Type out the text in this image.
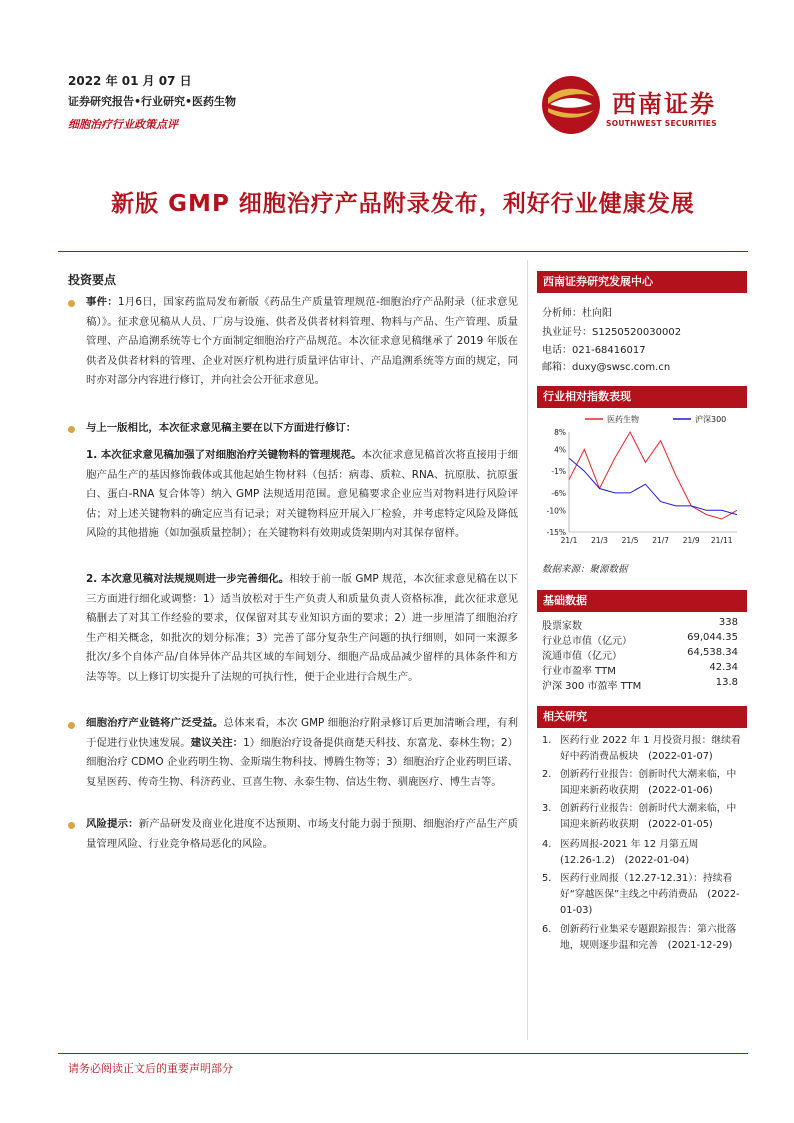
2022 年 01 月 07 日
证券研究报告•行业研究•医药生物
细胞治疗行业政策点评
西南证券
SOUTHWEST SECURITIES
新版 GMP 细胞治疗产品附录发布，利好行业健康发展
投资要点
事件：1月6日，国家药监局发布新版《药品生产质量管理规范-细胞治疗产品附录（征求意见稿）》。征求意见稿从人员、厂房与设施、供者及供者材料管理、物料与产品、生产管理、质量管理、产品追溯系统等七个方面制定细胞治疗产品规范。本次征求意见稿继承了 2019 年版在供者及供者材料的管理、企业对医疗机构进行质量评估审计、产品追溯系统等方面的规定，同时亦对部分内容进行修订，并向社会公开征求意见。
与上一版相比，本次征求意见稿主要在以下方面进行修订：
1. 本次征求意见稿加强了对细胞治疗关键物料的管理规范。本次征求意见稿首次将直接用于细胞产品生产的基因修饰载体或其他起始生物材料（包括：病毒、质粒、RNA、抗原肽、抗原蛋白、蛋白-RNA 复合体等）纳入 GMP 法规适用范围。意见稿要求企业应当对物料进行风险评估；对上述关键物料的确定应当有记录；对关键物料应开展入厂检验，并考虑特定风险及降低风险的其他措施（如加强质量控制）；在关键物料有效期或货架期内对其保存留样。
2. 本次意见稿对法规规则进一步完善细化。相较于前一版 GMP 规范，本次征求意见稿在以下三方面进行细化或调整：1）适当放松对于生产负责人和质量负责人资格标准，此次征求意见稿删去了对其工作经验的要求，仅保留对其专业知识方面的要求；2）进一步厘清了细胞治疗生产相关概念，如批次的划分标准；3）完善了部分复杂生产问题的执行细则，如同一来源多批次/多个自体产品/自体异体产品共区域的车间划分、细胞产品成品减少留样的具体条件和方法等等。以上修订切实提升了法规的可执行性，便于企业进行合规生产。
细胞治疗产业链将广泛受益。总体来看，本次 GMP 细胞治疗附录修订后更加清晰合理，有利于促进行业快速发展。建议关注：1）细胞治疗设备提供商楚天科技、东富龙、泰林生物；2）细胞治疗 CDMO 企业药明生物、金斯瑞生物科技、博腾生物等；3）细胞治疗企业药明巨诺、复星医药、传奇生物、科济药业、亘喜生物、永泰生物、信达生物、驯鹿医疗、博生吉等。
风险提示：新产品研发及商业化进度不达预期、市场支付能力弱于预期、细胞治疗产品生产质量管理风险、行业竞争格局恶化的风险。
西南证券研究发展中心
分析师：杜向阳
执业证号：S1250520030002
电话：021-68416017
邮箱：duxy@swsc.com.cn
行业相对指数表现
医药生物	沪深300
8%
4%
-1%
-6%
-10%
-15%
21/1 21/3 21/5 21/7 21/9 21/11
数据来源：聚源数据
基础数据
股票家数	338
行业总市值（亿元）	69,044.35
流通市值（亿元）	64,538.34
行业市盈率 TTM	42.34
沪深 300 市盈率 TTM	13.8
相关研究
1. 医药行业 2022 年 1 月投资月报：继续看好中药消费品板块　(2022-01-07)
2. 创新药行业报告：创新时代大潮来临，中国迎来新药收获期　(2022-01-06)
3. 创新药行业报告：创新时代大潮来临，中国迎来新药收获期　(2022-01-05)
4. 医药周报-2021 年 12 月第五周　(12.26-1.2)　(2022-01-04)
5. 医药行业周报（12.27-12.31）：持续看好“穿越医保”主线之中药消费品　(2022-01-03)
6. 创新药行业集采专题跟踪报告：第六批落地，规则逐步温和完善　(2021-12-29)
请务必阅读正文后的重要声明部分
